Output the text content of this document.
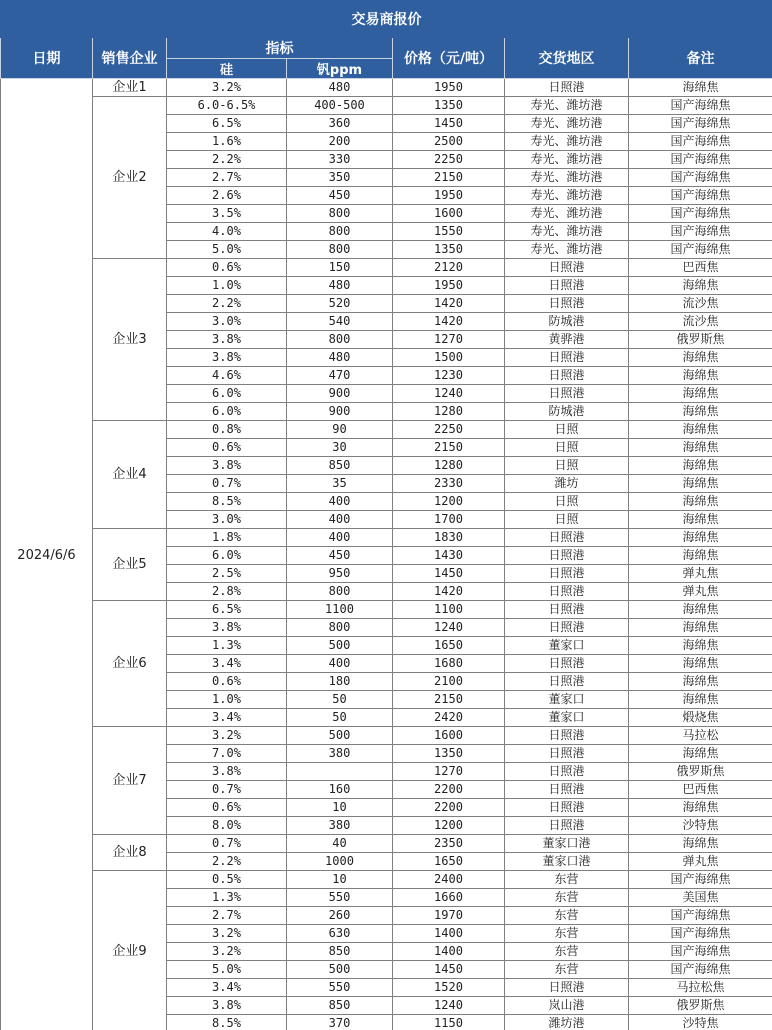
交易商报价						
日期	销售企业	指标		价格（元/吨）	交货地区	备注
		硅	钒ppm			
2024/6/6	企业1	3.2%	480	1950	日照港	海绵焦
	企业2	6.0-6.5%	400-500	1350	寿光、潍坊港	国产海绵焦
		6.5%	360	1450	寿光、潍坊港	国产海绵焦
		1.6%	200	2500	寿光、潍坊港	国产海绵焦
		2.2%	330	2250	寿光、潍坊港	国产海绵焦
		2.7%	350	2150	寿光、潍坊港	国产海绵焦
		2.6%	450	1950	寿光、潍坊港	国产海绵焦
		3.5%	800	1600	寿光、潍坊港	国产海绵焦
		4.0%	800	1550	寿光、潍坊港	国产海绵焦
		5.0%	800	1350	寿光、潍坊港	国产海绵焦
	企业3	0.6%	150	2120	日照港	巴西焦
		1.0%	480	1950	日照港	海绵焦
		2.2%	520	1420	日照港	流沙焦
		3.0%	540	1420	防城港	流沙焦
		3.8%	800	1270	黄骅港	俄罗斯焦
		3.8%	480	1500	日照港	海绵焦
		4.6%	470	1230	日照港	海绵焦
		6.0%	900	1240	日照港	海绵焦
		6.0%	900	1280	防城港	海绵焦
	企业4	0.8%	90	2250	日照	海绵焦
		0.6%	30	2150	日照	海绵焦
		3.8%	850	1280	日照	海绵焦
		0.7%	35	2330	潍坊	海绵焦
		8.5%	400	1200	日照	海绵焦
		3.0%	400	1700	日照	海绵焦
	企业5	1.8%	400	1830	日照港	海绵焦
		6.0%	450	1430	日照港	海绵焦
		2.5%	950	1450	日照港	弹丸焦
		2.8%	800	1420	日照港	弹丸焦
	企业6	6.5%	1100	1100	日照港	海绵焦
		3.8%	800	1240	日照港	海绵焦
		1.3%	500	1650	董家口	海绵焦
		3.4%	400	1680	日照港	海绵焦
		0.6%	180	2100	日照港	海绵焦
		1.0%	50	2150	董家口	海绵焦
		3.4%	50	2420	董家口	煅烧焦
	企业7	3.2%	500	1600	日照港	马拉松
		7.0%	380	1350	日照港	海绵焦
		3.8%		1270	日照港	俄罗斯焦
		0.7%	160	2200	日照港	巴西焦
		0.6%	10	2200	日照港	海绵焦
		8.0%	380	1200	日照港	沙特焦
	企业8	0.7%	40	2350	董家口港	海绵焦
		2.2%	1000	1650	董家口港	弹丸焦
	企业9	0.5%	10	2400	东营	国产海绵焦
		1.3%	550	1660	东营	美国焦
		2.7%	260	1970	东营	国产海绵焦
		3.2%	630	1400	东营	国产海绵焦
		3.2%	850	1400	东营	国产海绵焦
		5.0%	500	1450	东营	国产海绵焦
		3.4%	550	1520	日照港	马拉松焦
		3.8%	850	1240	岚山港	俄罗斯焦
		8.5%	370	1150	潍坊港	沙特焦
